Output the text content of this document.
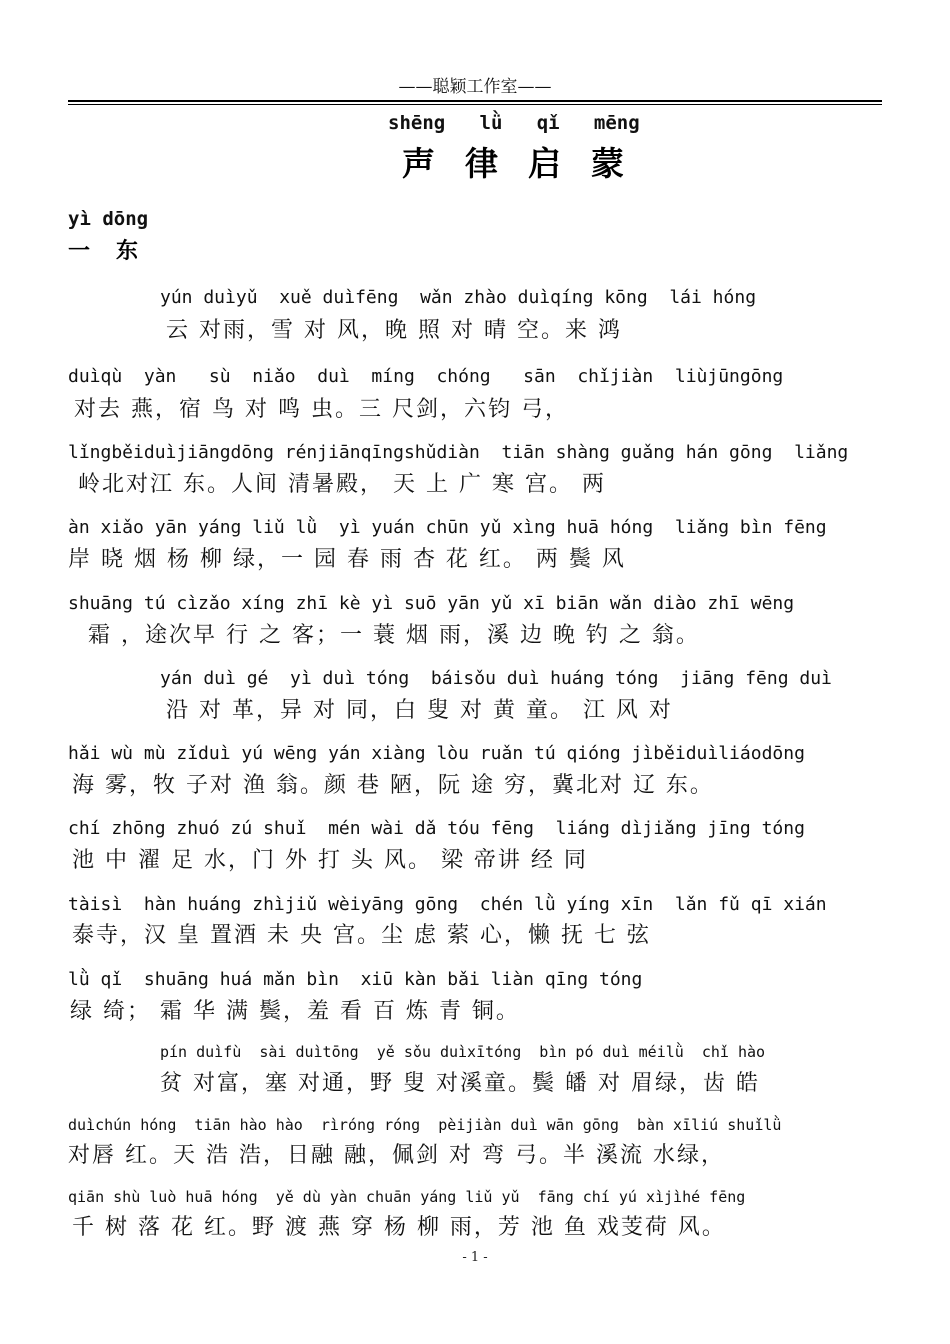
——聪颖工作室——
shēng   lǜ   qǐ   mēng
声律启蒙
yì dōng
一东
yún duìyǔ  xuě duìfēng  wǎn zhào duìqíng kōng  lái hóng
云 对雨，雪 对 风，晚 照 对 晴 空。来 鸿
duìqù  yàn   sù  niǎo  duì  míng  chóng   sān  chǐjiàn  liùjūngōng
对去 燕，宿 鸟 对 鸣 虫。三 尺剑，六钧 弓，
lǐngběiduìjiāngdōng rénjiānqīngshǔdiàn  tiān shàng guǎng hán gōng  liǎng
岭北对江 东。人间 清暑殿， 天 上 广 寒 宫。 两
àn xiǎo yān yáng liǔ lǜ  yì yuán chūn yǔ xìng huā hóng  liǎng bìn fēng
岸 晓 烟 杨 柳 绿，一 园 春 雨 杏 花 红。 两 鬓 风
shuāng tú cìzǎo xíng zhī kè yì suō yān yǔ xī biān wǎn diào zhī wēng
霜 ，途次早 行 之 客；一 蓑 烟 雨，溪 边 晚 钓 之 翁。
yán duì gé  yì duì tóng  báisǒu duì huáng tóng  jiāng fēng duì
沿 对 革，异 对 同，白 叟 对 黄 童。 江 风 对
hǎi wù mù zǐduì yú wēng yán xiàng lòu ruǎn tú qióng jìběiduìliáodōng
海 雾，牧 子对 渔 翁。颜 巷 陋，阮 途 穷，冀北对 辽 东。
chí zhōng zhuó zú shuǐ  mén wài dǎ tóu fēng  liáng dìjiǎng jīng tóng
池 中 濯 足 水，门 外 打 头 风。 梁 帝讲 经 同
tàisì  hàn huáng zhìjiǔ wèiyāng gōng  chén lǜ yíng xīn  lǎn fǔ qī xián
泰寺，汉 皇 置酒 未 央 宫。尘 虑 萦 心，懒 抚 七 弦
lǜ qǐ  shuāng huá mǎn bìn  xiū kàn bǎi liàn qīng tóng
绿 绮； 霜 华 满 鬓，羞 看 百 炼 青 铜。
pín duìfù  sài duìtōng  yě sǒu duìxītóng  bìn pó duì méilǜ  chǐ hào
贫 对富，塞 对通，野 叟 对溪童。鬓 皤 对 眉绿，齿 皓
duìchún hóng  tiān hào hào  rìróng róng  pèijiàn duì wān gōng  bàn xīliú shuǐlǜ
对唇 红。天 浩 浩，日融 融，佩剑 对 弯 弓。半 溪流 水绿，
qiān shù luò huā hóng  yě dù yàn chuān yáng liǔ yǔ  fāng chí yú xìjìhé fēng
千 树 落 花 红。野 渡 燕 穿 杨 柳 雨，芳 池 鱼 戏芰荷 风。
- 1 -
